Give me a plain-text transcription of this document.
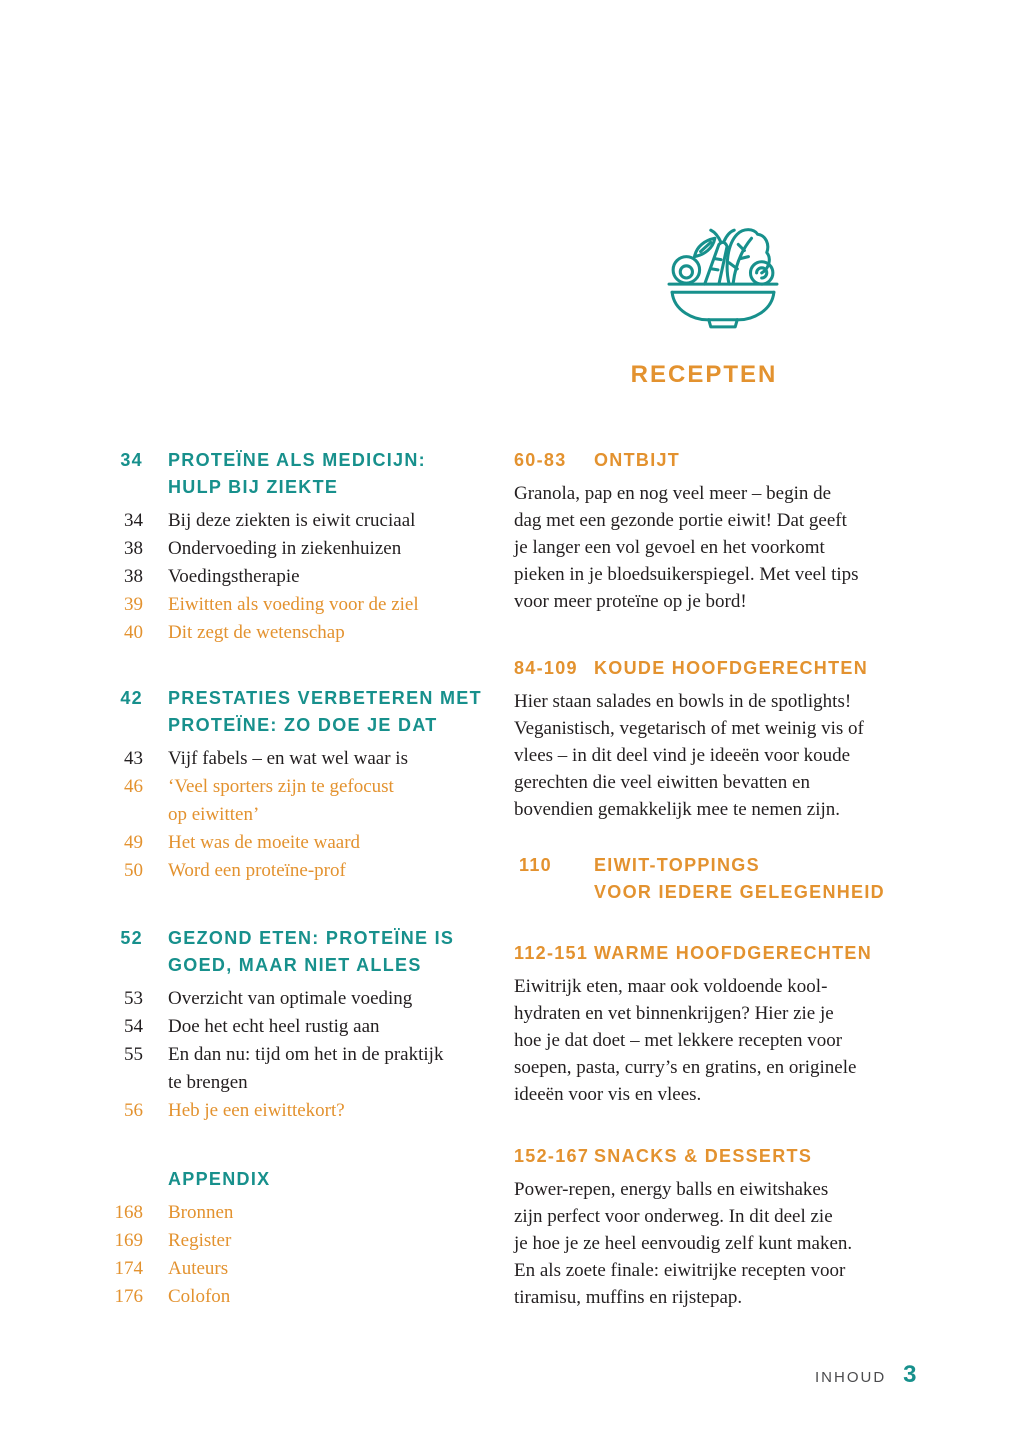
RECEPTEN
34 PROTEÏNE ALS MEDICIJN:
HULP BIJ ZIEKTE
34 Bij deze ziekten is eiwit cruciaal
38 Ondervoeding in ziekenhuizen
38 Voedingstherapie
39 Eiwitten als voeding voor de ziel
40 Dit zegt de wetenschap
42 PRESTATIES VERBETEREN MET
PROTEÏNE: ZO DOE JE DAT
43 Vijf fabels – en wat wel waar is
46 ‘Veel sporters zijn te gefocust
op eiwitten’
49 Het was de moeite waard
50 Word een proteïne-prof
52 GEZOND ETEN: PROTEÏNE IS
GOED, MAAR NIET ALLES
53 Overzicht van optimale voeding
54 Doe het echt heel rustig aan
55 En dan nu: tijd om het in de praktijk
te brengen
56 Heb je een eiwittekort?
APPENDIX
168 Bronnen
169 Register
174 Auteurs
176 Colofon
60-83	ONTBIJT
Granola, pap en nog veel meer – begin de
dag met een gezonde portie eiwit! Dat geeft
je langer een vol gevoel en het voorkomt
pieken in je bloedsuikerspiegel. Met veel tips
voor meer proteïne op je bord!
84-109 KOUDE HOOFDGERECHTEN
Hier staan salades en bowls in de spotlights!
Veganistisch, vegetarisch of met weinig vis of
vlees – in dit deel vind je ideeën voor koude
gerechten die veel eiwitten bevatten en
bovendien gemakkelijk mee te nemen zijn.
110	EIWIT-TOPPINGS
VOOR IEDERE GELEGENHEID
112-151 WARME HOOFDGERECHTEN
Eiwitrijk eten, maar ook voldoende kool-
hydraten en vet binnenkrijgen? Hier zie je
hoe je dat doet – met lekkere recepten voor
soepen, pasta, curry’s en gratins, en originele
ideeën voor vis en vlees.
152-167 SNACKS & DESSERTS
Power-repen, energy balls en eiwitshakes
zijn perfect voor onderweg. In dit deel zie
je hoe je ze heel eenvoudig zelf kunt maken.
En als zoete finale: eiwitrijke recepten voor
tiramisu, muffins en rijstepap.
INHOUD 3
